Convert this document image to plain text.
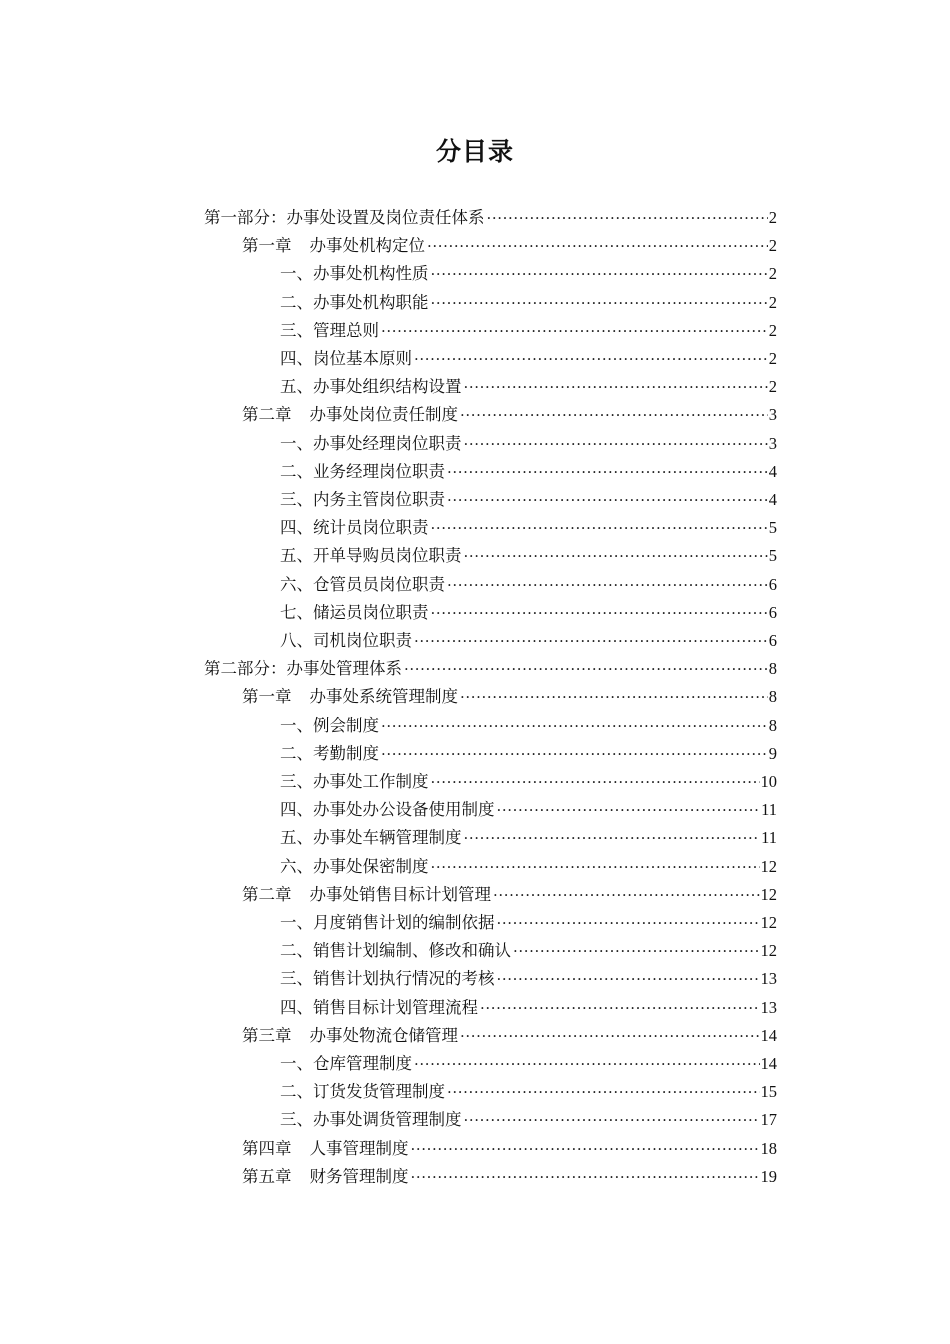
分目录
第一部分：办事处设置及岗位责任体系 ·····	2
第一章 办事处机构定位 ·····	2
一、办事处机构性质 ·····	2
二、办事处机构职能 ·····	2
三、管理总则 ·····	2
四、岗位基本原则 ·····	2
五、办事处组织结构设置 ·····	2
第二章 办事处岗位责任制度 ·····	3
一、办事处经理岗位职责 ·····	3
二、业务经理岗位职责 ·····	4
三、内务主管岗位职责 ·····	4
四、统计员岗位职责 ·····	5
五、开单导购员岗位职责 ·····	5
六、仓管员员岗位职责 ·····	6
七、储运员岗位职责 ·····	6
八、司机岗位职责 ·····	6
第二部分：办事处管理体系 ·····	8
第一章 办事处系统管理制度 ·····	8
一、例会制度 ·····	8
二、考勤制度 ·····	9
三、办事处工作制度 ·····	10
四、办事处办公设备使用制度 ·····	11
五、办事处车辆管理制度 ·····	11
六、办事处保密制度 ·····	12
第二章 办事处销售目标计划管理 ·····	12
一、月度销售计划的编制依据 ·····	12
二、销售计划编制、修改和确认 ·····	12
三、销售计划执行情况的考核 ·····	13
四、销售目标计划管理流程 ·····	13
第三章 办事处物流仓储管理 ·····	14
一、仓库管理制度 ·····	14
二、订货发货管理制度 ·····	15
三、办事处调货管理制度 ·····	17
第四章 人事管理制度 ·····	18
第五章 财务管理制度 ·····	19
